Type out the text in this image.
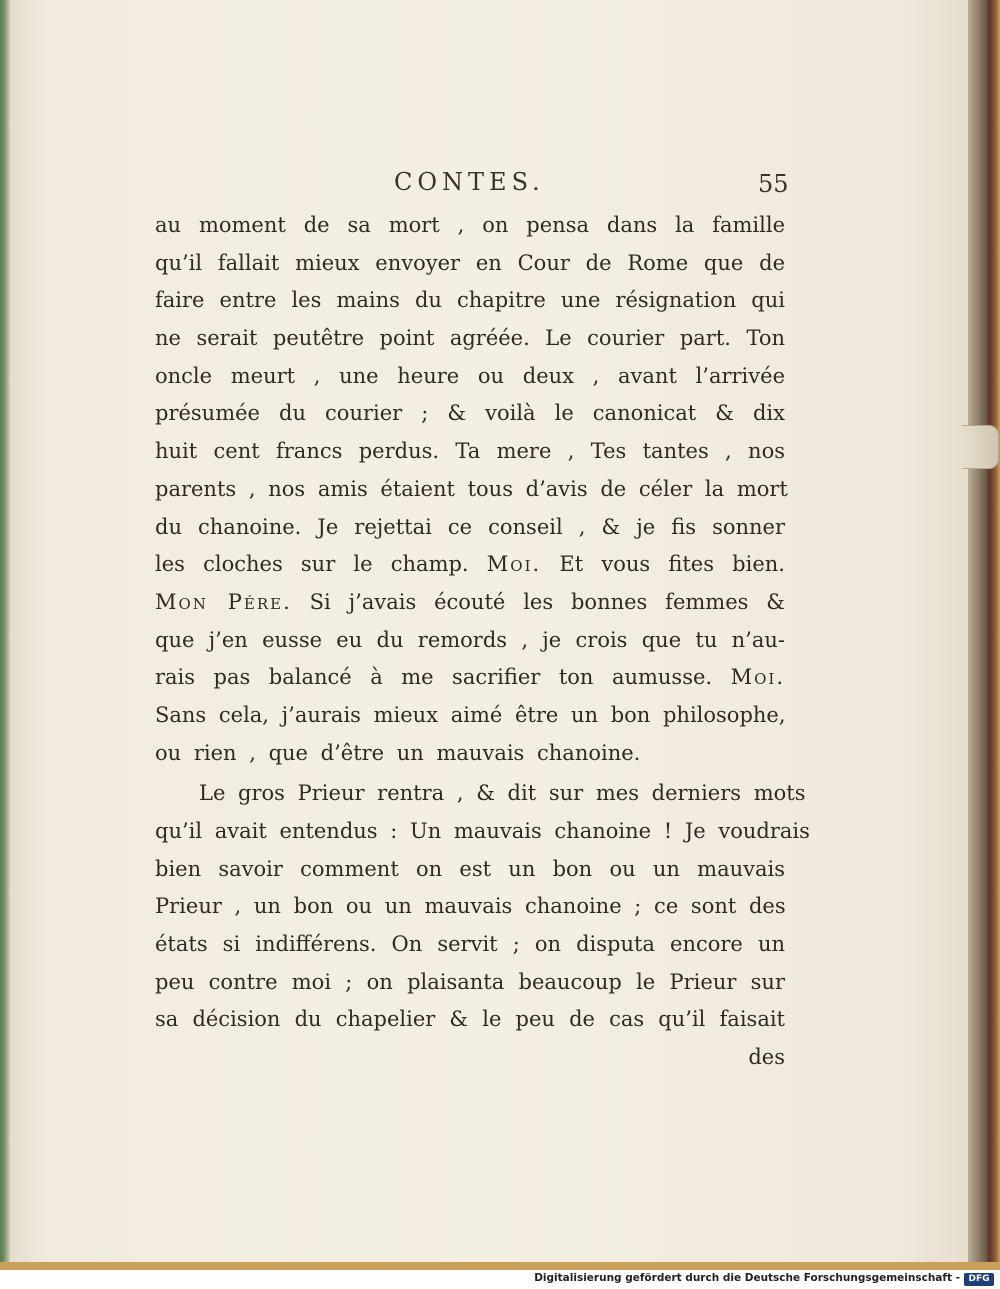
CONTES.	55

au moment de sa mort , on pensa dans la famille

qu’il fallait mieux envoyer en Cour de Rome que de

faire entre les mains du chapitre une résignation qui

ne serait peutêtre point agréée. Le courier part. Ton

oncle meurt , une heure ou deux , avant l’arrivée

présumée du courier ; & voilà le canonicat & dix

huit cent francs perdus. Ta mere , Tes tantes , nos

parents , nos amis étaient tous d’avis de céler la mort

du chanoine. Je rejettai ce conseil , & je fis sonner

les cloches sur le champ. Moi. Et vous fites bien.

Mon Pére. Si j’avais écouté les bonnes femmes &

que j’en eusse eu du remords , je crois que tu n’au-

rais pas balancé à me sacrifier ton aumusse. Moi.

Sans cela, j’aurais mieux aimé être un bon philosophe,

ou rien , que d’être un mauvais chanoine.

Le gros Prieur rentra , & dit sur mes derniers mots

qu’il avait entendus : Un mauvais chanoine ! Je voudrais

bien savoir comment on est un bon ou un mauvais

Prieur , un bon ou un mauvais chanoine ; ce sont des

états si indifférens. On servit ; on disputa encore un

peu contre moi ; on plaisanta beaucoup le Prieur sur

sa décision du chapelier & le peu de cas qu’il faisait

des

Digitalisierung gefördert durch die Deutsche Forschungsgemeinschaft - DFG
